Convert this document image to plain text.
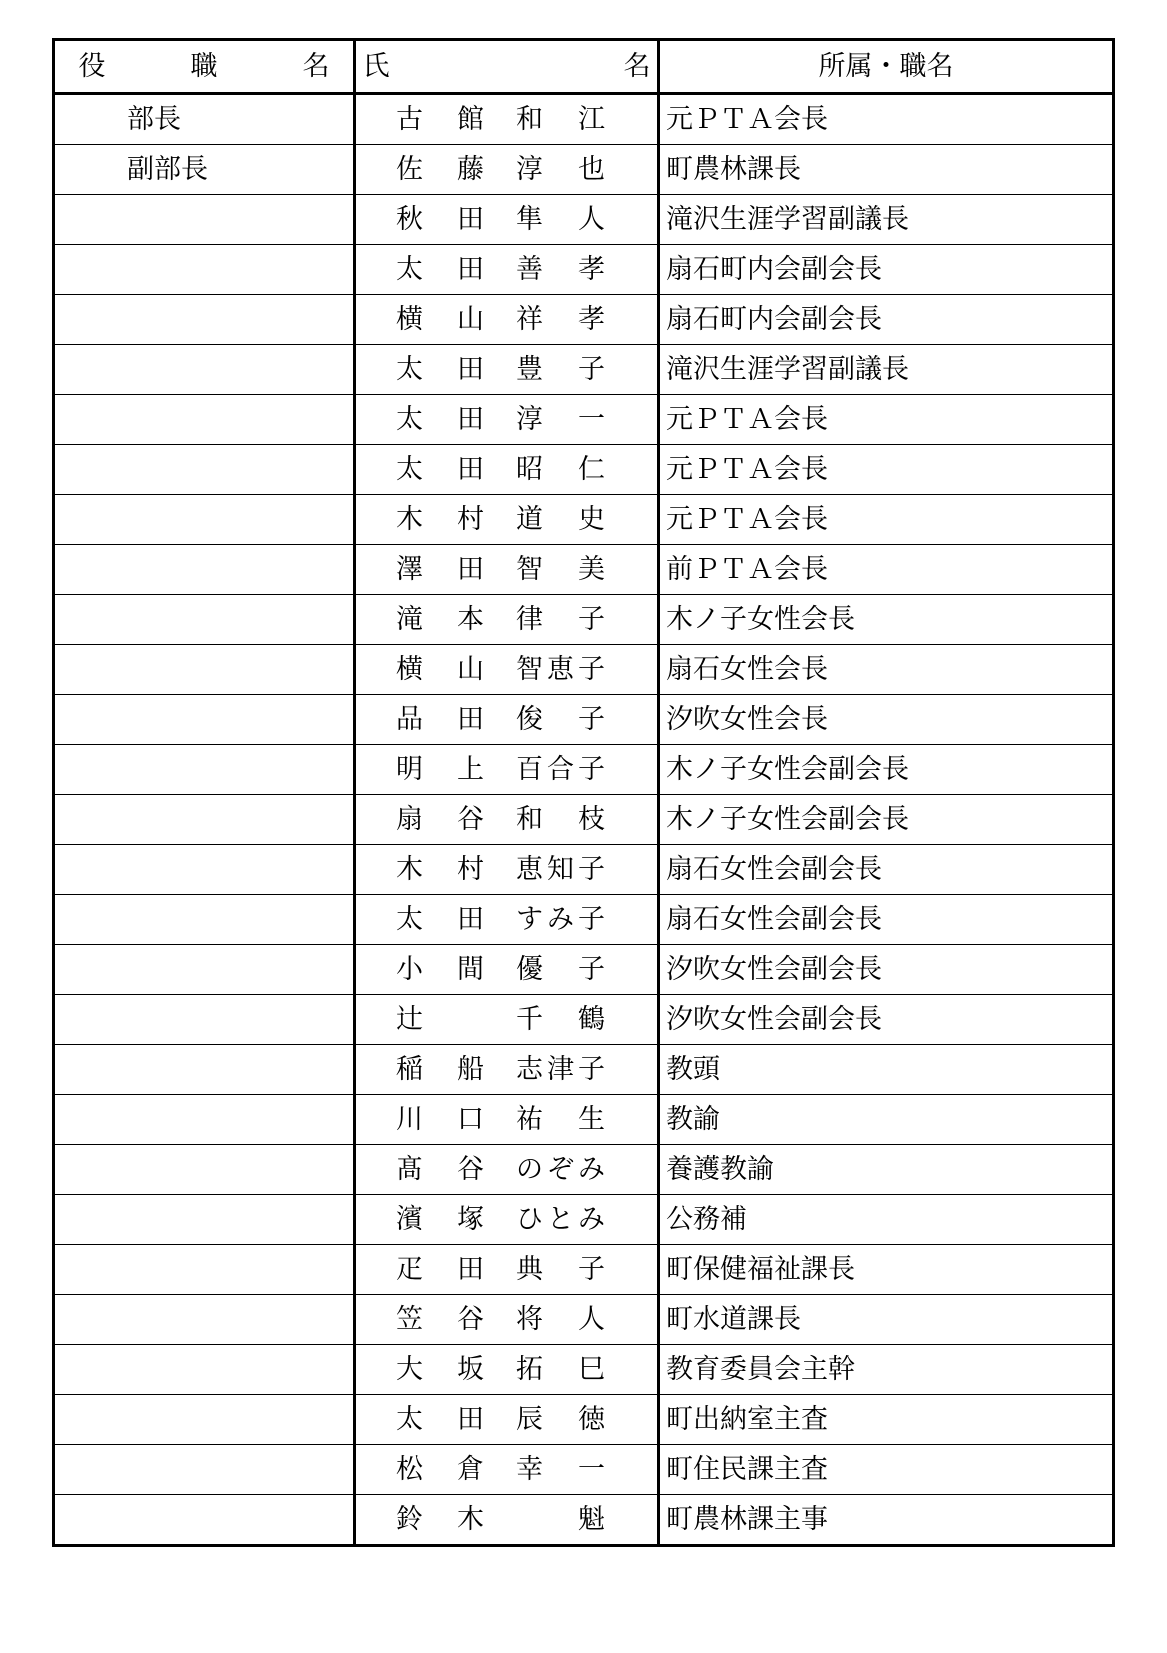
役　職　名	氏　　名	所属・職名

部 長	古 館 和 江	元ＰＴＡ会長

副 部 長	佐 藤 淳 也	町農林課長

	秋 田 隼 人	滝沢生涯学習副議長

	太 田 善 孝	扇石町内会副会長

	横 山 祥 孝	扇石町内会副会長

	太 田 豊 子	滝沢生涯学習副議長

	太 田 淳 一	元ＰＴＡ会長

	太 田 昭 仁	元ＰＴＡ会長

	木 村 道 史	元ＰＴＡ会長

	澤 田 智 美	前ＰＴＡ会長

	滝 本 律 子	木ノ子女性会長

	横 山 智 恵 子	扇石女性会長

	品 田 俊 子	汐吹女性会長

	明 上 百 合 子	木ノ子女性会副会長

	扇 谷 和 枝	木ノ子女性会副会長

	木 村 恵 知 子	扇石女性会副会長

	太 田 す み 子	扇石女性会副会長

	小 間 優 子	汐吹女性会副会長

	辻 千 鶴	汐吹女性会副会長

	稲 船 志 津 子	教頭

	川 口 祐 生	教諭

	髙 谷 の ぞ み	養護教諭

	濱 塚 ひ と み	公務補

	疋 田 典 子	町保健福祉課長

	笠 谷 将 人	町水道課長

	大 坂 拓 巳	教育委員会主幹

	太 田 辰 徳	町出納室主査

	松 倉 幸 一	町住民課主査

	鈴 木 魁	町農林課主事
